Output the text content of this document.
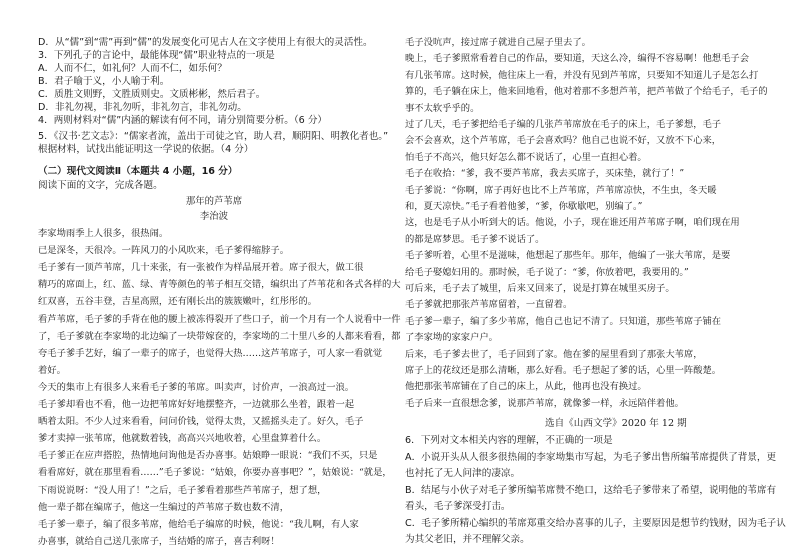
D．从“儒”到“需”再到“儒”的发展变化可见古人在文字使用上有很大的灵活性。
3．下列孔子的言论中，最能体现“儒”职业特点的一项是
A．人而不仁，如礼何？人而不仁，如乐何？
B．君子喻于义，小人喻于利。
C．质胜文则野，文胜质则史。文质彬彬，然后君子。
D．非礼勿视，非礼勿听，非礼勿言，非礼勿动。
4．两则材料对“儒”内涵的解读有何不同，请分别简要分析。（6 分）
5．《汉书·艺文志》：“儒家者流，盖出于司徒之官，助人君，顺阴阳、明教化者也。”
根据材料，试找出能证明这一学说的依据。（4 分）
（二）现代文阅读Ⅱ（本题共 4 小题，16 分）
阅读下面的文字，完成各题。
那年的芦苇席
李治波
李家坳雨季上人很多，很热闹。
已是深冬，天很冷。一阵风刀的小风吹来，毛子爹得缩脖子。
毛子爹有一顶芦苇席，几十来张，有一张被作为样品展开着。席子很大，做工很
精巧的席面上，红、蓝、绿、青等颜色的苇子相互交错，编织出了芦苇花和各式各样的大
红双喜，五谷丰登，吉星高照，还有刚长出的簇簇嫩叶，红彤彤的。
看芦苇席，毛子爹的手背在他的腰上被冻得裂开了些口子，前一个月有一个人说看中一件
了，毛子爹就在李家坳的北边编了一块带嫁奁的，李家坳的二十里八乡的人都来看看，都
夸毛子爹手艺好，编了一辈子的席子，也觉得大热……这芦苇席子，可人家一看就觉
着好。
今天的集市上有很多人来看毛子爹的苇席。叫卖声，讨价声，一浪高过一浪。
毛子爹却看也不看，他一边把苇席好好地摆整齐，一边就那么坐着，跟着一起
晒着太阳。不少人过来看看，问问价钱，觉得太贵，又摇摇头走了。好久，毛子
爹才卖掉一张苇席，他就数着钱，高高兴兴地收着，心里盘算着什么。
毛子爹正在应声搭腔，热情地问询他是否办喜事。姑娘睁一眼说：“我们不买，只是
看看席好，就在那里看看……”毛子爹说：“姑娘，你要办喜事吧？”，姑娘说：“就是，
下雨说说呀：“没人用了！”之后，毛子爹看着那些芦苇席子，想了想，
他一辈子都在编席子，他这一生编过的芦苇席子数也数不清，
毛子爹一辈子，编了很多苇席，他给毛子编席的时候，他说：“我儿啊，有人家
办喜事，就给自己送几张席子，当结婚的席子，喜吉利呀！
毛子没吭声，接过席子就进自己屋子里去了。
晚上，毛子爹照常看着自己的作品，要知道，天这么冷，编得不容易啊！他想毛子会
有几张苇席。这时候，他往床上一看，并没有见到芦苇席，只要知不知道儿子是怎么打
算的，毛子躺在床上，他来回地看，他对着那不多想芦苇，把芦苇做了个给毛子，毛子的
事不太软乎乎的。
过了几天，毛子爹把给毛子编的几张芦苇席放在毛子的床上，毛子爹想，毛子
会不会喜欢，这个芦苇席，毛子会喜欢吗？他自己也说不好，又放不下心来，
怕毛子不高兴，他只好怎么都不说话了，心里一直担心着。
毛子在收拾：“爹，我不要芦苇席，我去买席子，买床垫，就行了！”
毛子爹说：“你啊，席子再好也比不上芦苇席，芦苇席凉快，不生虫，冬天暖
和，夏天凉快。”毛子看着他爹，“爹，你歇歇吧，别编了。”
这，也是毛子从小听到大的话。他说，小子，现在谁还用芦苇席子啊，咱们现在用
的都是席梦思。毛子爹不说话了。
毛子爹听着，心里不是滋味，他想起了那些年。那年，他编了一张大苇席，是要
给毛子娶媳妇用的。那时候，毛子说了：“爹，你放着吧，我要用的。”
可后来，毛子去了城里，后来又回来了，说是打算在城里买房子。
毛子爹就把那张芦苇席留着，一直留着。
毛子爹一辈子，编了多少苇席，他自己也记不清了。只知道，那些苇席子铺在
了李家坳的家家户户。
后来，毛子爹去世了，毛子回到了家。他在爹的屋里看到了那张大苇席，
席子上的花纹还是那么清晰，那么好看。毛子想起了爹的话，心里一阵酸楚。
他把那张苇席铺在了自己的床上，从此，他再也没有换过。
毛子后来一直很想念爹，说那芦苇席，就像爹一样，永远陪伴着他。
选自《山西文学》2020 年 12 期
6．下列对文本相关内容的理解，不正确的一项是
A．小说开头从人很多很热闹的李家坳集市写起，为毛子爹出售所编苇席提供了背景，更
也衬托了无人问津的凄凉。
B．结尾与小伙子对毛子爹所编苇席赞不绝口，这给毛子爹带来了希望，说明他的苇席有
看头，毛子爹深受打击。
C．毛子爹所精心编织的苇席郑重交给办喜事的儿子，主要原因是想节约钱财，因为毛子认
为其父老旧，并不理解父亲。
